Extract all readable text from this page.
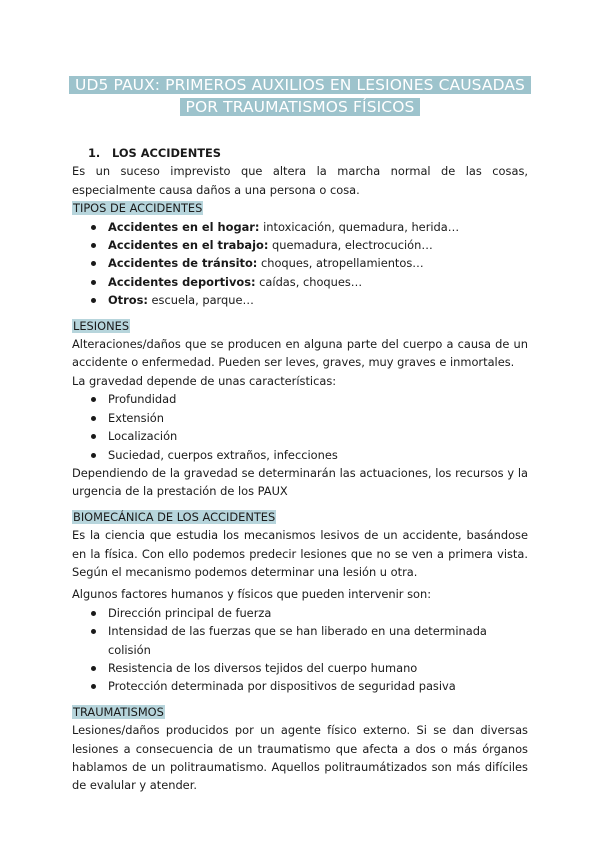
UD5 PAUX: PRIMEROS AUXILIOS EN LESIONES CAUSADAS
POR TRAUMATISMOS FÍSICOS

1. LOS ACCIDENTES

Es un suceso imprevisto que altera la marcha normal de las cosas, especialmente causa daños a una persona o cosa.

TIPOS DE ACCIDENTES

Accidentes en el hogar: intoxicación, quemadura, herida…
Accidentes en el trabajo: quemadura, electrocución…
Accidentes de tránsito: choques, atropellamientos…
Accidentes deportivos: caídas, choques…
Otros: escuela, parque…

LESIONES

Alteraciones/daños que se producen en alguna parte del cuerpo a causa de un accidente o enfermedad. Pueden ser leves, graves, muy graves e inmortales.

La gravedad depende de unas características:

Profundidad
Extensión
Localización
Suciedad, cuerpos extraños, infecciones

Dependiendo de la gravedad se determinarán las actuaciones, los recursos y la urgencia de la prestación de los PAUX

BIOMECÁNICA DE LOS ACCIDENTES

Es la ciencia que estudia los mecanismos lesivos de un accidente, basándose en la física. Con ello podemos predecir lesiones que no se ven a primera vista. Según el mecanismo podemos determinar una lesión u otra.

Algunos factores humanos y físicos que pueden intervenir son:

Dirección principal de fuerza
Intensidad de las fuerzas que se han liberado en una determinada colisión
Resistencia de los diversos tejidos del cuerpo humano
Protección determinada por dispositivos de seguridad pasiva

TRAUMATISMOS

Lesiones/daños producidos por un agente físico externo. Si se dan diversas lesiones a consecuencia de un traumatismo que afecta a dos o más órganos hablamos de un politraumatismo. Aquellos politraumátizados son más difíciles de evalular y atender.
